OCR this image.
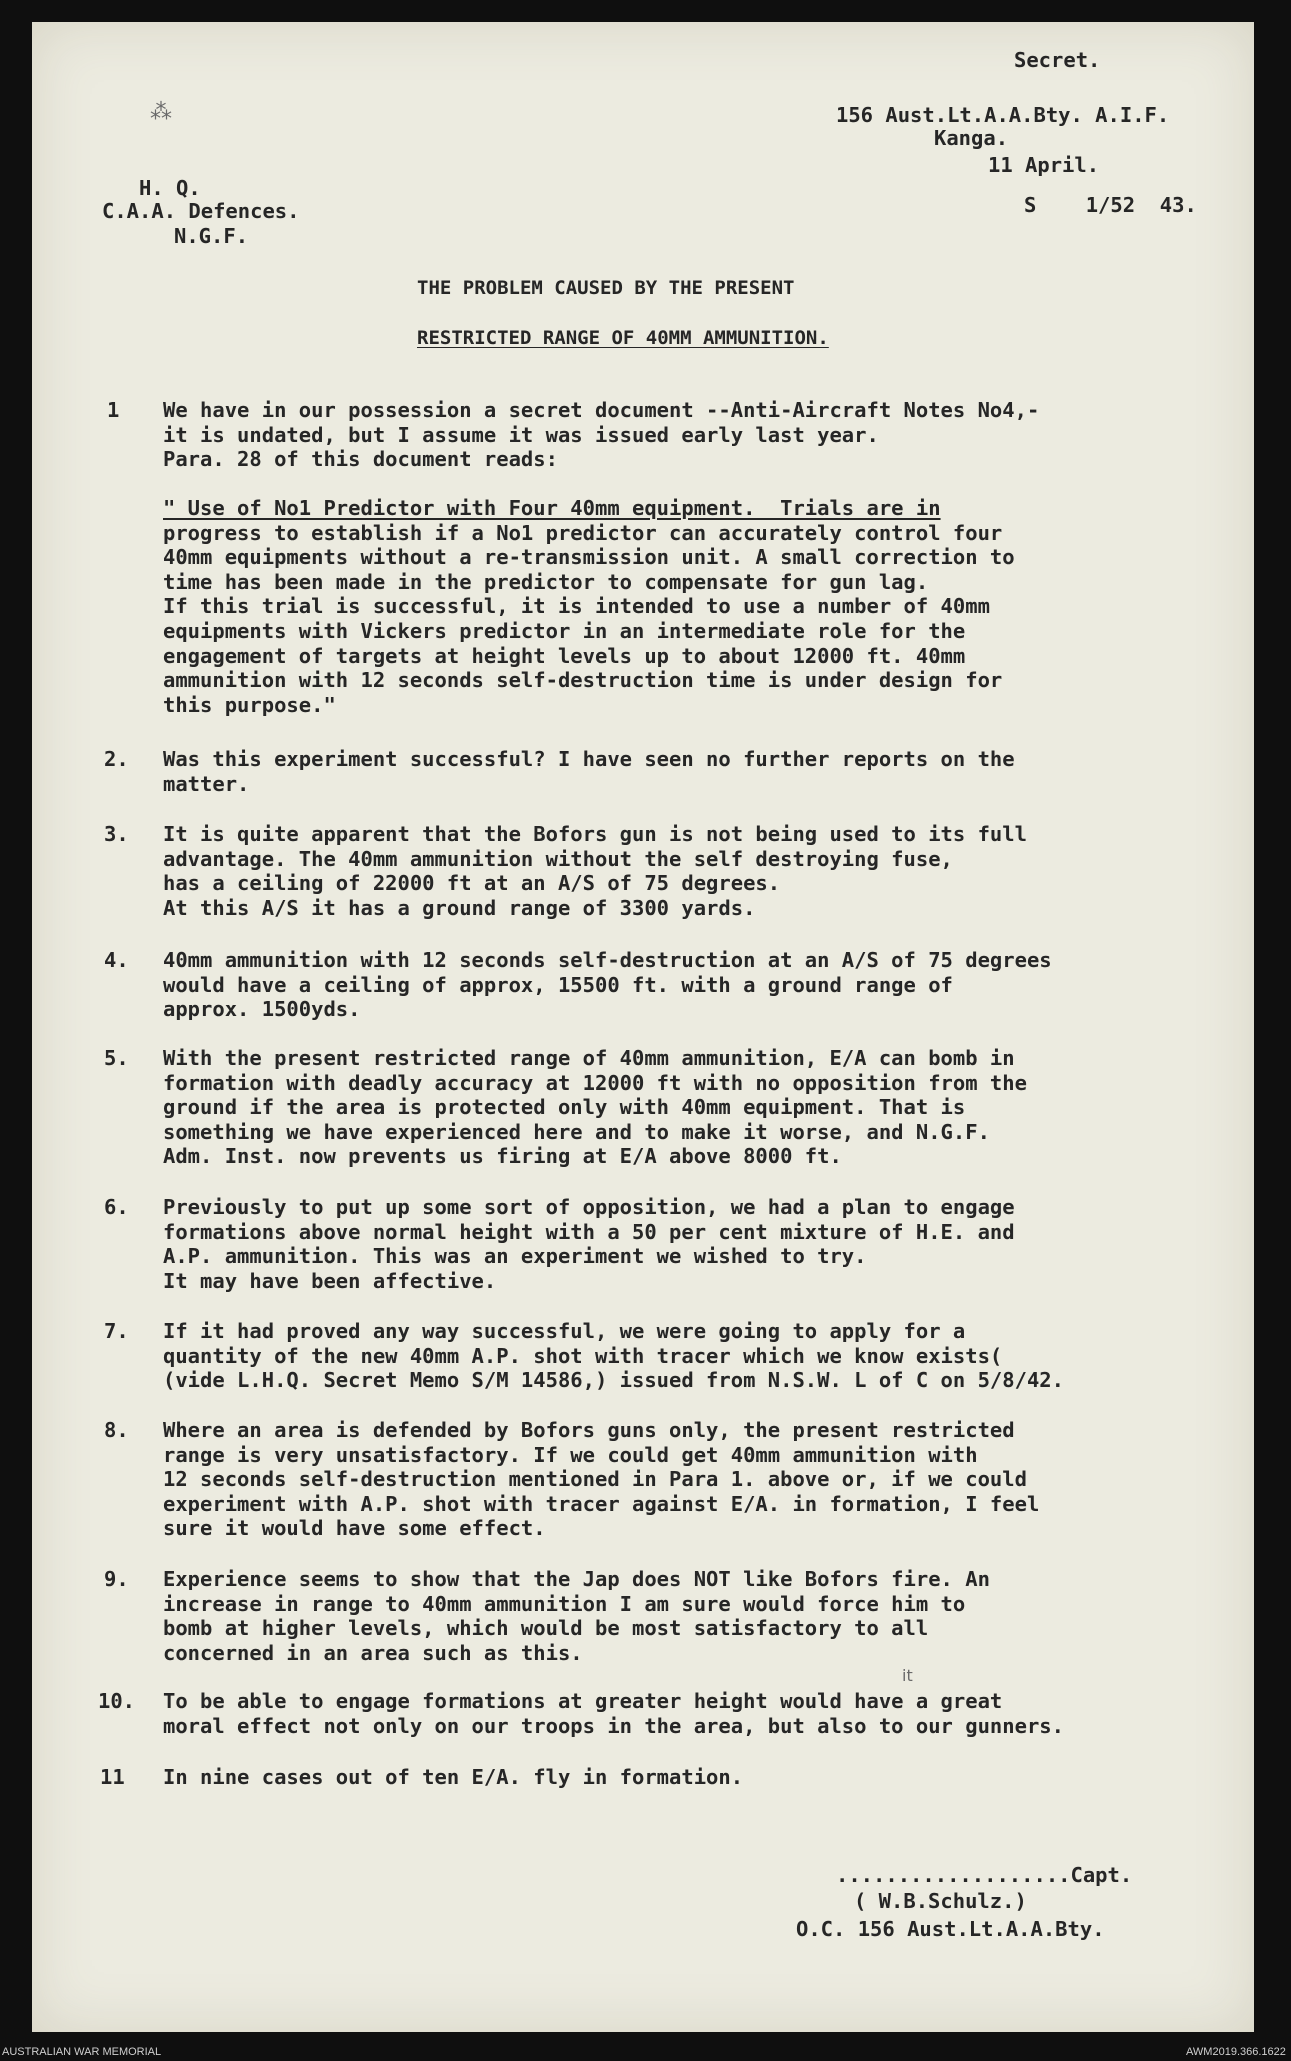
⁂
Secret.
156 Aust.Lt.A.A.Bty. A.I.F.
Kanga.
11 April.
S    1/52  43.
H. Q.
C.A.A. Defences.
N.G.F.
THE PROBLEM CAUSED BY THE PRESENT
RESTRICTED RANGE OF 40MM AMMUNITION.
1 We have in our possession a secret document --Anti-Aircraft Notes No4,-
it is undated, but I assume it was issued early last year.
Para. 28 of this document reads:
" Use of No1 Predictor with Four 40mm equipment.  Trials are in
progress to establish if a No1 predictor can accurately control four
40mm equipments without a re-transmission unit. A small correction to
time has been made in the predictor to compensate for gun lag.
If this trial is successful, it is intended to use a number of 40mm
equipments with Vickers predictor in an intermediate role for the
engagement of targets at height levels up to about 12000 ft. 40mm
ammunition with 12 seconds self-destruction time is under design for
this purpose."
2. Was this experiment successful? I have seen no further reports on the
matter.
3. It is quite apparent that the Bofors gun is not being used to its full
advantage. The 40mm ammunition without the self destroying fuse,
has a ceiling of 22000 ft at an A/S of 75 degrees.
At this A/S it has a ground range of 3300 yards.
4. 40mm ammunition with 12 seconds self-destruction at an A/S of 75 degrees
would have a ceiling of approx, 15500 ft. with a ground range of
approx. 1500yds.
5. With the present restricted range of 40mm ammunition, E/A can bomb in
formation with deadly accuracy at 12000 ft with no opposition from the
ground if the area is protected only with 40mm equipment. That is
something we have experienced here and to make it worse, and N.G.F.
Adm. Inst. now prevents us firing at E/A above 8000 ft.
6. Previously to put up some sort of opposition, we had a plan to engage
formations above normal height with a 50 per cent mixture of H.E. and
A.P. ammunition. This was an experiment we wished to try.
It may have been affective.
7. If it had proved any way successful, we were going to apply for a
quantity of the new 40mm A.P. shot with tracer which we know exists(
(vide L.H.Q. Secret Memo S/M 14586,) issued from N.S.W. L of C on 5/8/42.
8. Where an area is defended by Bofors guns only, the present restricted
range is very unsatisfactory. If we could get 40mm ammunition with
12 seconds self-destruction mentioned in Para 1. above or, if we could
experiment with A.P. shot with tracer against E/A. in formation, I feel
sure it would have some effect.
9. Experience seems to show that the Jap does NOT like Bofors fire. An
increase in range to 40mm ammunition I am sure would force him to
bomb at higher levels, which would be most satisfactory to all
concerned in an area such as this.
it
10. To be able to engage formations at greater height would have a great
moral effect not only on our troops in the area, but also to our gunners.
11 In nine cases out of ten E/A. fly in formation.
...................Capt.
( W.B.Schulz.)
O.C. 156 Aust.Lt.A.A.Bty.
AUSTRALIAN WAR MEMORIAL	AWM2019.366.1622
